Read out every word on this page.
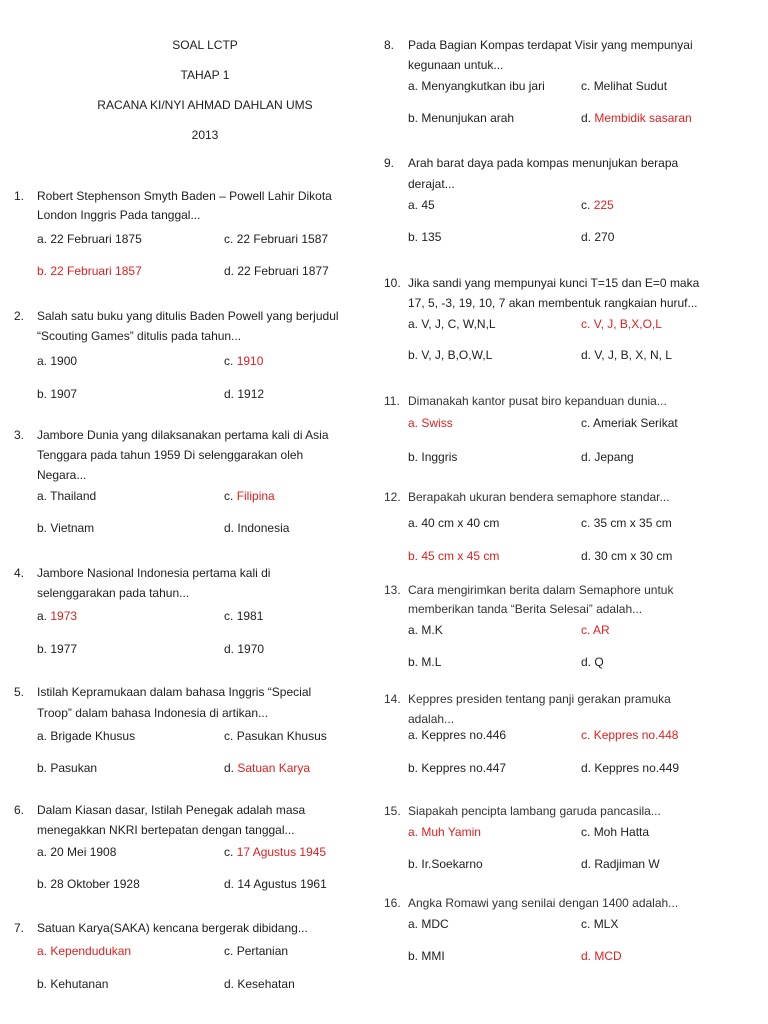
SOAL LCTP
TAHAP 1
RACANA KI/NYI AHMAD DAHLAN UMS
2013
1. Robert Stephenson Smyth Baden – Powell Lahir Dikota
London Inggris Pada tanggal...
a. 22 Februari 1875	c. 22 Februari 1587
b. 22 Februari 1857	d. 22 Februari 1877
2. Salah satu buku yang ditulis Baden Powell yang berjudul
“Scouting Games” ditulis pada tahun...
a. 1900	c. 1910
b. 1907	d. 1912
3. Jambore Dunia yang dilaksanakan pertama kali di Asia
Tenggara pada tahun 1959 Di selenggarakan oleh
Negara...
a. Thailand	c. Filipina
b. Vietnam	d. Indonesia
4. Jambore Nasional Indonesia pertama kali di
selenggarakan pada tahun...
a. 1973	c. 1981
b. 1977	d. 1970
5. Istilah Kepramukaan dalam bahasa Inggris “Special
Troop” dalam bahasa Indonesia di artikan...
a. Brigade Khusus	c. Pasukan Khusus
b. Pasukan	d. Satuan Karya
6. Dalam Kiasan dasar, Istilah Penegak adalah masa
menegakkan NKRI bertepatan dengan tanggal...
a. 20 Mei 1908	c. 17 Agustus 1945
b. 28 Oktober 1928	d. 14 Agustus 1961
7. Satuan Karya(SAKA) kencana bergerak dibidang...
a. Kependudukan	c. Pertanian
b. Kehutanan	d. Kesehatan
8. Pada Bagian Kompas terdapat Visir yang mempunyai
kegunaan untuk...
a. Menyangkutkan ibu jari	c. Melihat Sudut
b. Menunjukan arah	d. Membidik sasaran
9. Arah barat daya pada kompas menunjukan berapa
derajat...
a. 45	c. 225
b. 135	d. 270
10. Jika sandi yang mempunyai kunci T=15 dan E=0 maka
17, 5, -3, 19, 10, 7 akan membentuk rangkaian huruf...
a. V, J, C, W,N,L	c. V, J, B,X,O,L
b. V, J, B,O,W,L	d. V, J, B, X, N, L
11. Dimanakah kantor pusat biro kepanduan dunia...
a. Swiss	c. Ameriak Serikat
b. Inggris	d. Jepang
12. Berapakah ukuran bendera semaphore standar...
a. 40 cm x 40 cm	c. 35 cm x 35 cm
b. 45 cm x 45 cm	d. 30 cm x 30 cm
13. Cara mengirimkan berita dalam Semaphore untuk
memberikan tanda “Berita Selesai” adalah...
a. M.K	c. AR
b. M.L	d. Q
14. Keppres presiden tentang panji gerakan pramuka
adalah...
a. Keppres no.446	c. Keppres no.448
b. Keppres no.447	d. Keppres no.449
15. Siapakah pencipta lambang garuda pancasila...
a. Muh Yamin	c. Moh Hatta
b. Ir.Soekarno	d. Radjiman W
16. Angka Romawi yang senilai dengan 1400 adalah...
a. MDC	c. MLX
b. MMI	d. MCD
